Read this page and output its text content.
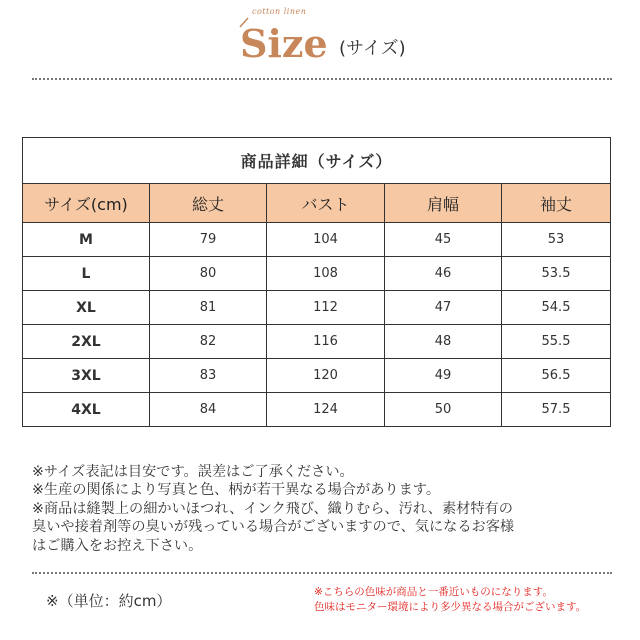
cotton linen
Size (サイズ)
商品詳細（サイズ）				
サイズ(cm)	総丈	バスト	肩幅	袖丈
M	79	104	45	53
L	80	108	46	53.5
XL	81	112	47	54.5
2XL	82	116	48	55.5
3XL	83	120	49	56.5
4XL	84	124	50	57.5
※サイズ表記は目安です。誤差はご了承ください。
※生産の関係により写真と色、柄が若干異なる場合があります。
※商品は縫製上の細かいほつれ、インク飛び、織りむら、汚れ、素材特有の
臭いや接着剤等の臭いが残っている場合がございますので、気になるお客様
はご購入をお控え下さい。
※（単位：約cm）	※こちらの色味が商品と一番近いものになります。
色味はモニター環境により多少異なる場合がございます。
